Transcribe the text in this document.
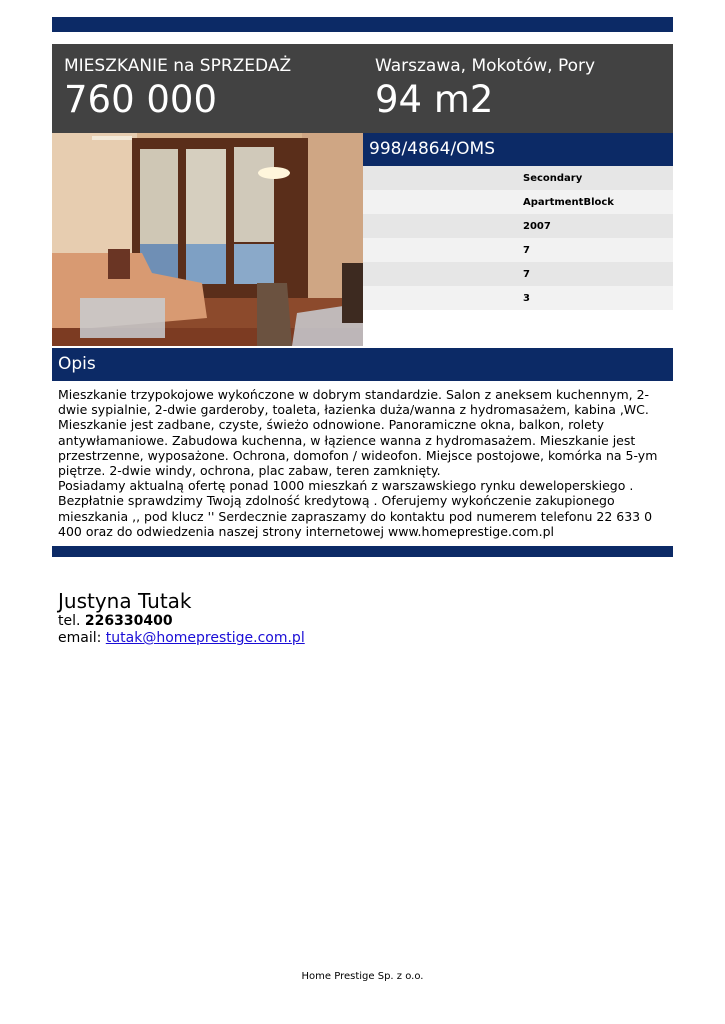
MIESZKANIE na SPRZEDAŻ
760 000
Warszawa, Mokotów, Pory
94 m2
998/4864/OMS
Secondary
ApartmentBlock
2007
7
7
3
Opis

Mieszkanie trzypokojowe wykończone w dobrym standardzie. Salon z aneksem kuchennym, 2-dwie sypialnie, 2-dwie garderoby, toaleta, łazienka duża/wanna z hydromasażem, kabina ,WC. Mieszkanie jest zadbane, czyste, świeżo odnowione. Panoramiczne okna, balkon, rolety antywłamaniowe. Zabudowa kuchenna, w łązience wanna z hydromasażem. Mieszkanie jest przestrzenne, wyposażone. Ochrona, domofon / wideofon. Miejsce postojowe, komórka na 5-ym piętrze. 2-dwie windy, ochrona, plac zabaw, teren zamknięty.

Posiadamy aktualną ofertę ponad 1000 mieszkań z warszawskiego rynku deweloperskiego . Bezpłatnie sprawdzimy Twoją zdolność kredytową . Oferujemy wykończenie zakupionego mieszkania ,, pod klucz '' Serdecznie zapraszamy do kontaktu pod numerem telefonu 22 633 0 400 oraz do odwiedzenia naszej strony internetowej www.homeprestige.com.pl

Justyna Tutak
tel. 226330400
email: tutak@homeprestige.com.pl
Home Prestige Sp. z o.o.
